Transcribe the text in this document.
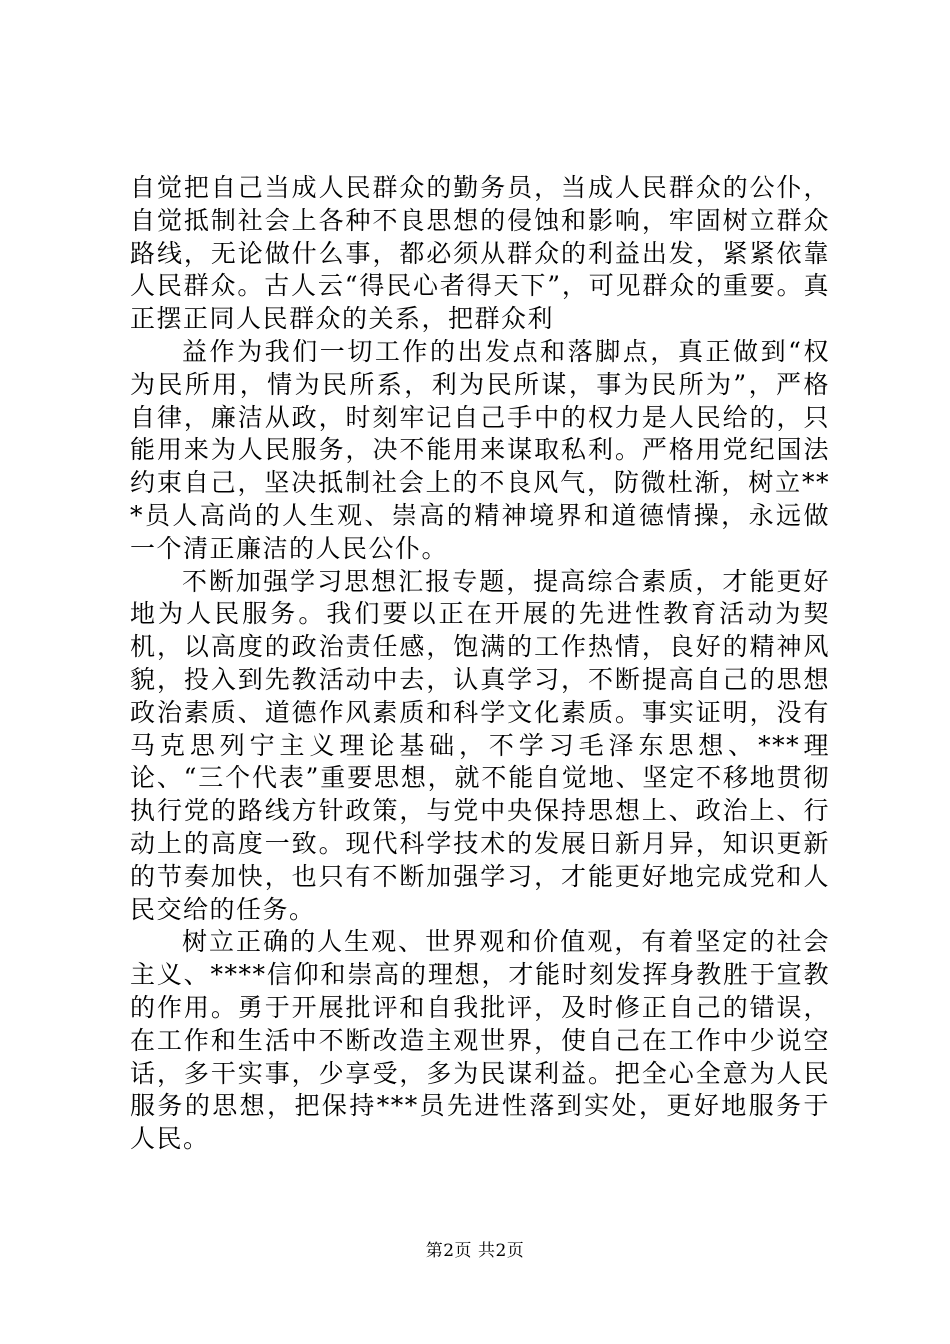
自觉把自己当成人民群众的勤务员，当成人民群众的公仆，自觉抵制社会上各种不良思想的侵蚀和影响，牢固树立群众路线，无论做什么事，都必须从群众的利益出发，紧紧依靠人民群众。古人云“得民心者得天下”，可见群众的重要。真正摆正同人民群众的关系，把群众利

益作为我们一切工作的出发点和落脚点，真正做到“权为民所用，情为民所系，利为民所谋，事为民所为”，严格自律，廉洁从政，时刻牢记自己手中的权力是人民给的，只能用来为人民服务，决不能用来谋取私利。严格用党纪国法约束自己，坚决抵制社会上的不良风气，防微杜渐，树立***员人高尚的人生观、崇高的精神境界和道德情操，永远做一个清正廉洁的人民公仆。

不断加强学习思想汇报专题，提高综合素质，才能更好地为人民服务。我们要以正在开展的先进性教育活动为契机，以高度的政治责任感，饱满的工作热情，良好的精神风貌，投入到先教活动中去，认真学习，不断提高自己的思想政治素质、道德作风素质和科学文化素质。事实证明，没有马克思列宁主义理论基础，不学习毛泽东思想、***理论、“三个代表”重要思想，就不能自觉地、坚定不移地贯彻执行党的路线方针政策，与党中央保持思想上、政治上、行动上的高度一致。现代科学技术的发展日新月异，知识更新的节奏加快，也只有不断加强学习，才能更好地完成党和人民交给的任务。

树立正确的人生观、世界观和价值观，有着坚定的社会主义、****信仰和崇高的理想，才能时刻发挥身教胜于宣教的作用。勇于开展批评和自我批评，及时修正自己的错误，在工作和生活中不断改造主观世界，使自己在工作中少说空话，多干实事，少享受，多为民谋利益。把全心全意为人民服务的思想，把保持***员先进性落到实处，更好地服务于人民。

第2页 共2页
